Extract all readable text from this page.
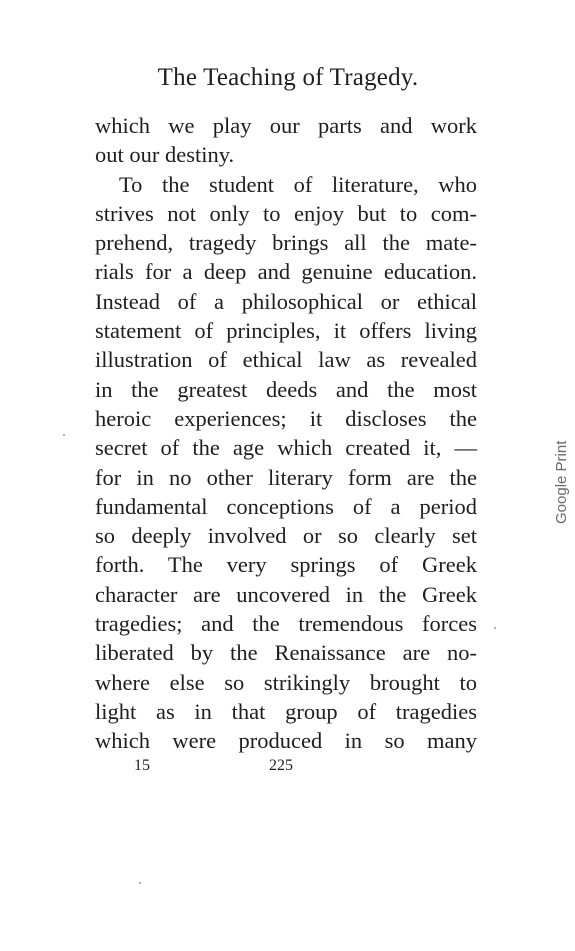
The Teaching of Tragedy.
which we play our parts and work
out our destiny.
To the student of literature, who
strives not only to enjoy but to com-
prehend, tragedy brings all the mate-
rials for a deep and genuine education.
Instead of a philosophical or ethical
statement of principles, it offers living
illustration of ethical law as revealed
in the greatest deeds and the most
heroic experiences; it discloses the
secret of the age which created it, —
for in no other literary form are the
fundamental conceptions of a period
so deeply involved or so clearly set
forth. The very springs of Greek
character are uncovered in the Greek
tragedies; and the tremendous forces
liberated by the Renaissance are no-
where else so strikingly brought to
light as in that group of tragedies
which were produced in so many
15	225
Google Print
